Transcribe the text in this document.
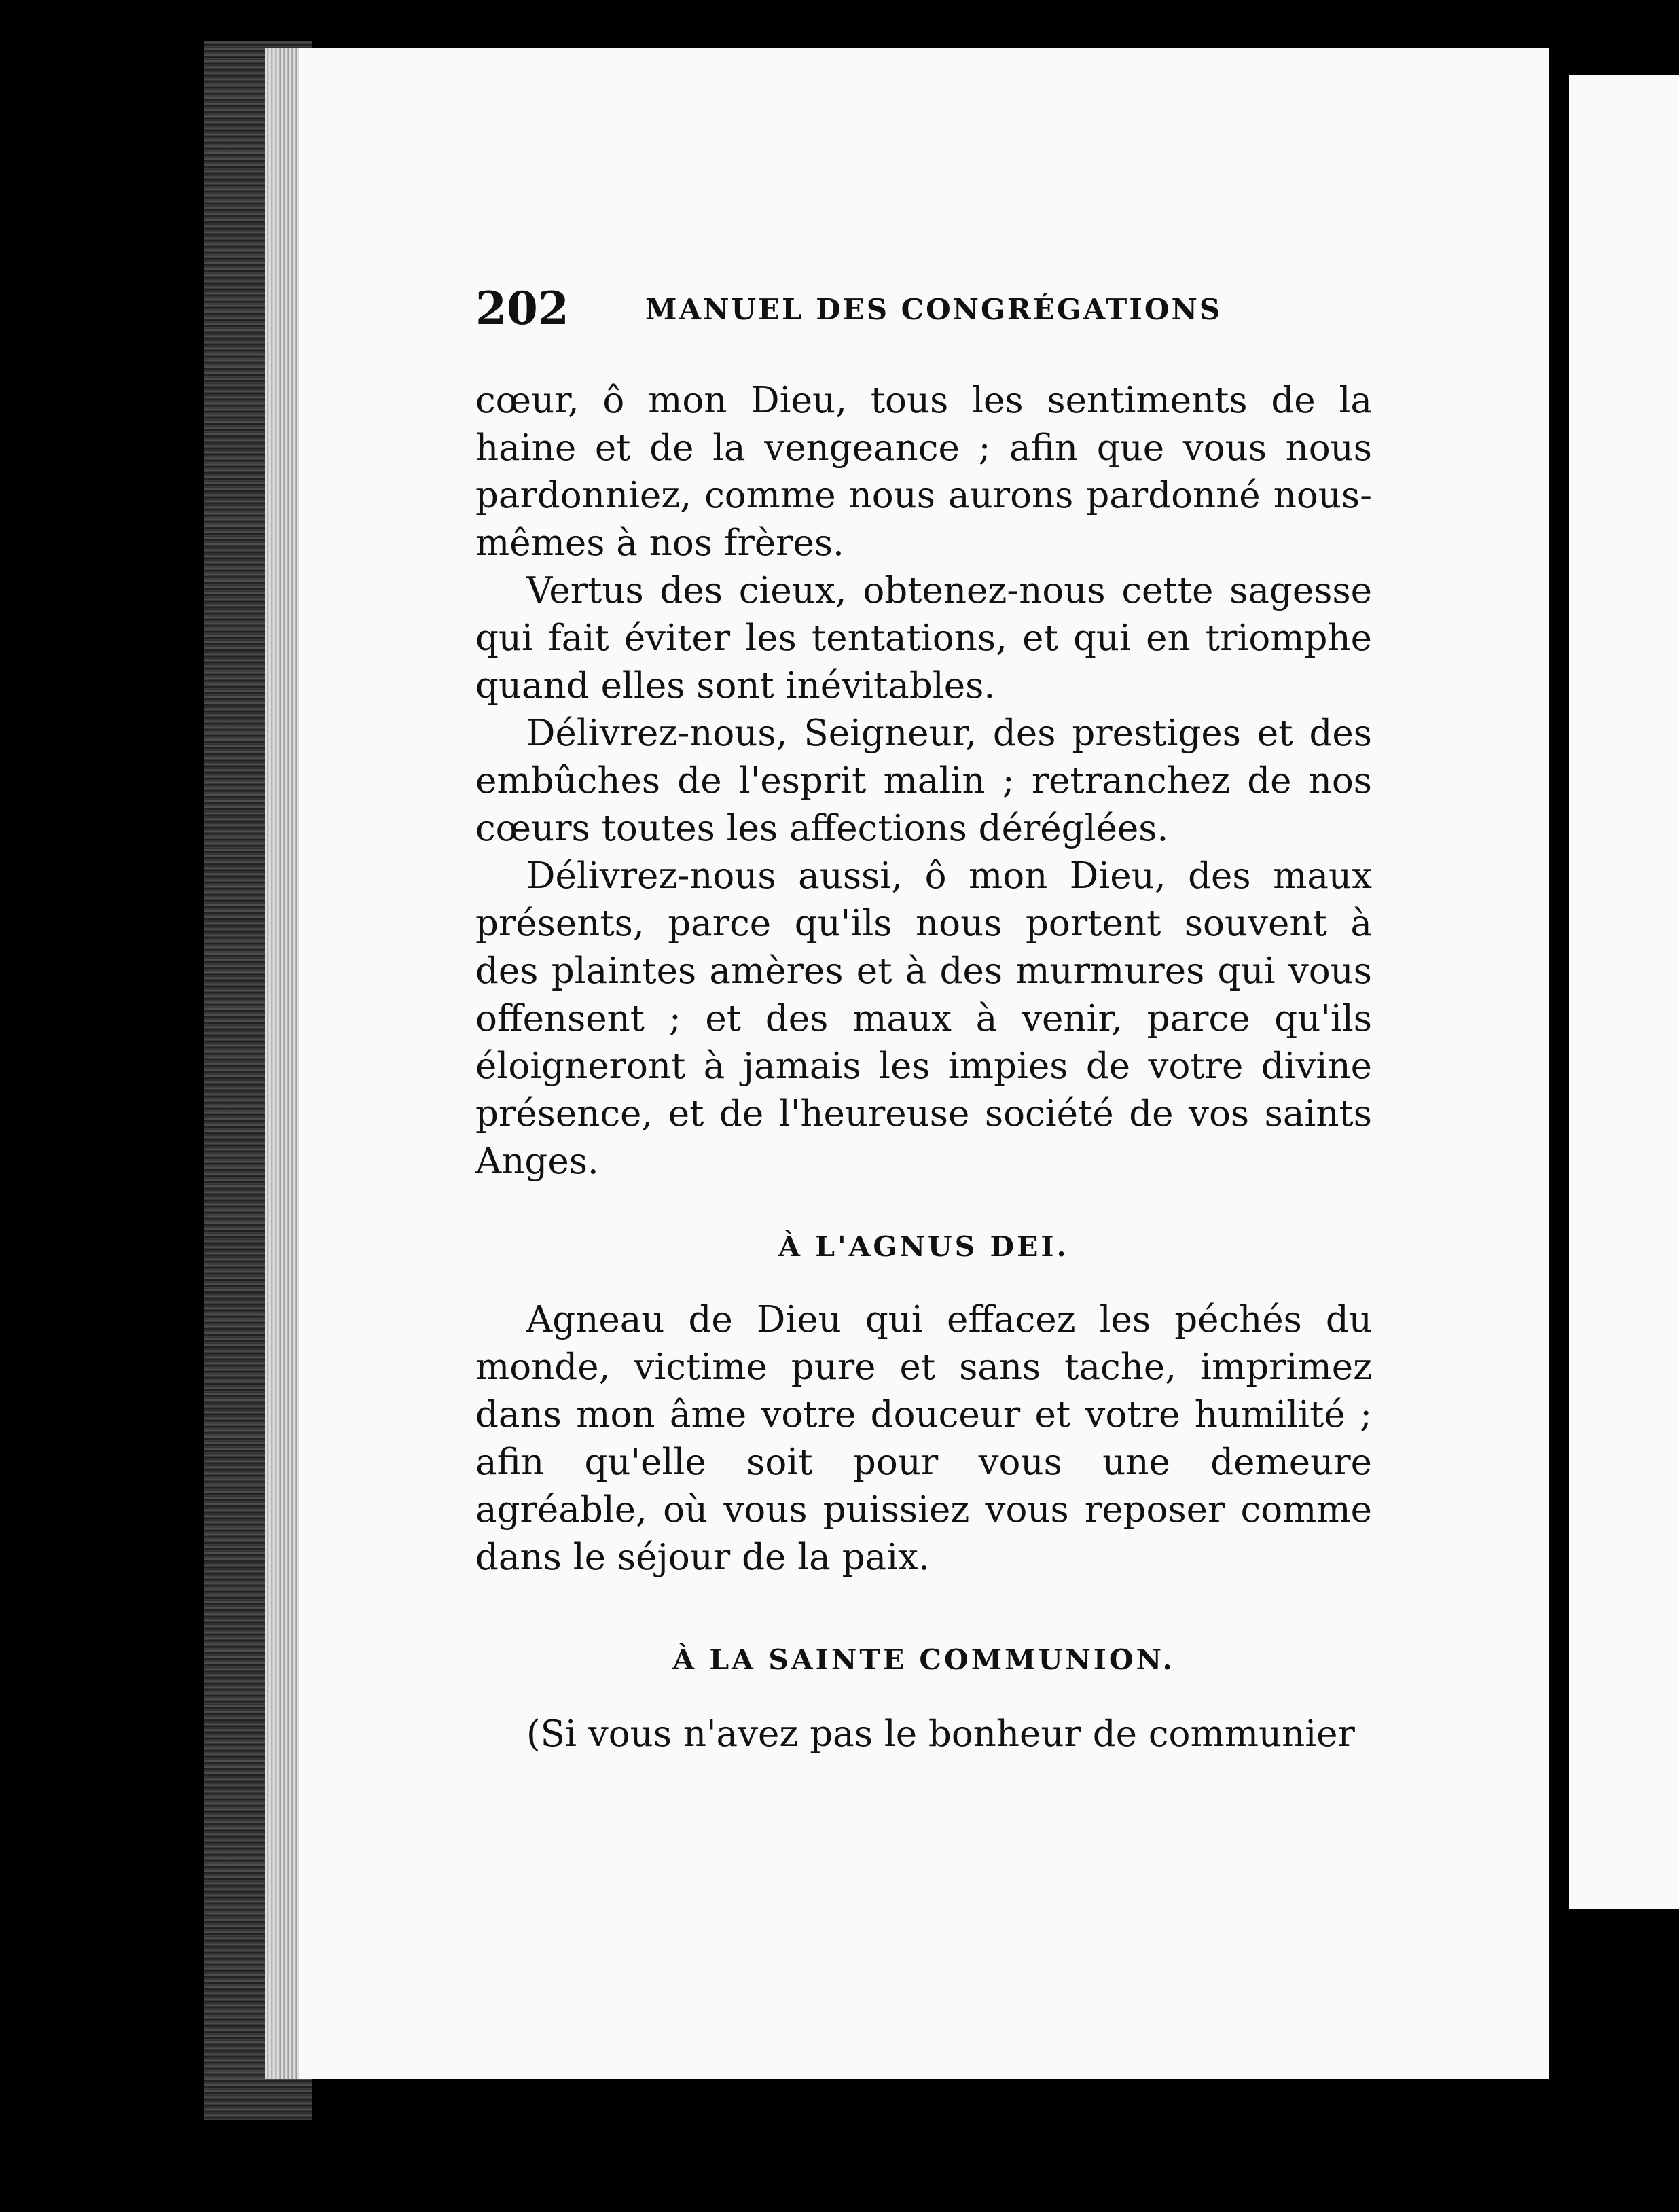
202	MANUEL DES CONGRÉGATIONS

cœur, ô mon Dieu, tous les sentiments de la haine et de la vengeance ; afin que vous nous pardonniez, comme nous aurons pardonné nous-mêmes à nos frères.

Vertus des cieux, obtenez-nous cette sagesse qui fait éviter les tentations, et qui en triomphe quand elles sont inévitables.

Délivrez-nous, Seigneur, des prestiges et des embûches de l'esprit malin ; retranchez de nos cœurs toutes les affections déréglées.

Délivrez-nous aussi, ô mon Dieu, des maux présents, parce qu'ils nous portent souvent à des plaintes amères et à des murmures qui vous offensent ; et des maux à venir, parce qu'ils éloigneront à jamais les impies de votre divine présence, et de l'heureuse société de vos saints Anges.

À L'AGNUS DEI.

Agneau de Dieu qui effacez les péchés du monde, victime pure et sans tache, imprimez dans mon âme votre douceur et votre humilité ; afin qu'elle soit pour vous une demeure agréable, où vous puissiez vous reposer comme dans le séjour de la paix.

À LA SAINTE COMMUNION.

(Si vous n'avez pas le bonheur de communier
